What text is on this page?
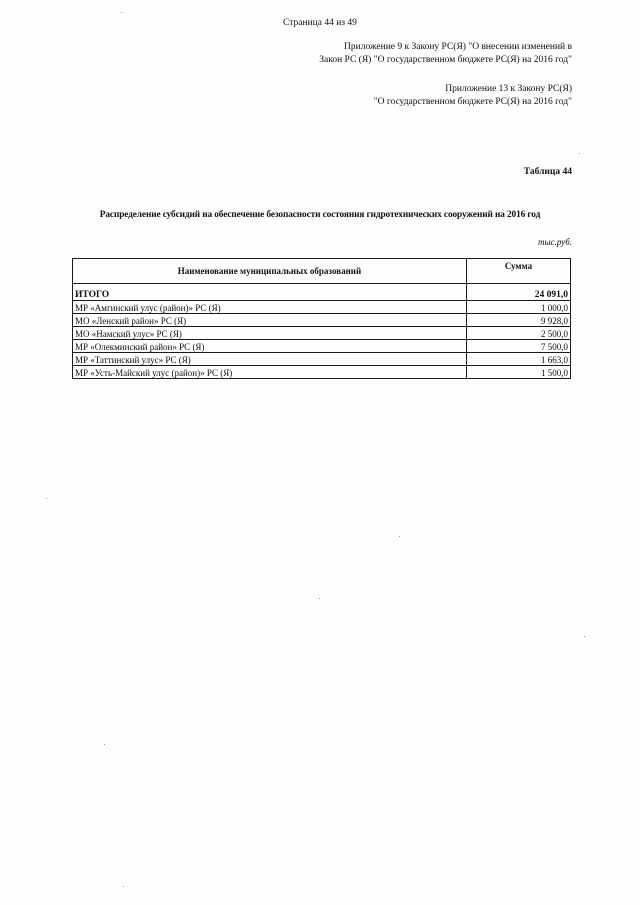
Страница 44 из 49
Приложение 9 к Закону РС(Я) "О внесении изменений в
Закон РС (Я) "О государственном бюджете РС(Я) на 2016 год"
Приложение 13 к Закону РС(Я)
"О государственном бюджете РС(Я) на 2016 год"
Таблица 44
Распределение субсидий на обеспечение безопасности состояния гидротехнических сооружений на 2016 год
тыс.руб.
Наименование муниципальных образований	Сумма
ИТОГО	24 091,0
МР «Амгинский улус (район)» РС (Я)	1 000,0
МО «Ленский район» РС (Я)	9 928,0
МО «Намский улус» РС (Я)	2 500,0
МР «Олекминский район» РС (Я)	7 500,0
МР «Таттинский улус» РС (Я)	1 663,0
МР «Усть-Майский улус (район)» РС (Я)	1 500,0
